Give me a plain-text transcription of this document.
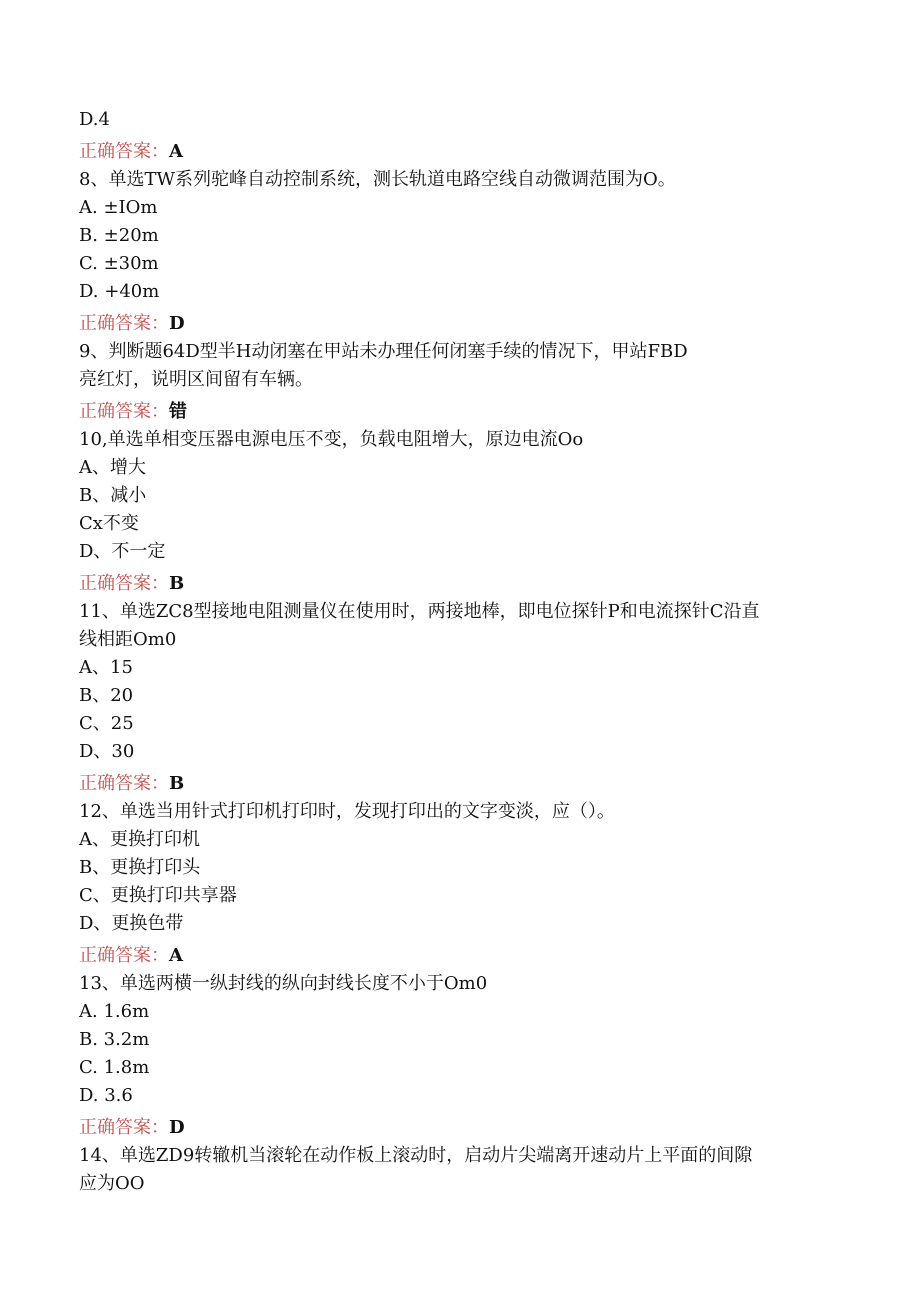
D.4
正确答案：A
8、单选TW系列驼峰自动控制系统，测长轨道电路空线自动微调范围为O。
A. ±IOm
B. ±20m
C. ±30m
D. +40m
正确答案：D
9、判断题64D型半H动闭塞在甲站未办理任何闭塞手续的情况下，甲站FBD
亮红灯，说明区间留有车辆。
正确答案：错
10,单选单相变压器电源电压不变，负载电阻增大，原边电流Oo
A、增大
B、减小
Cx不变
D、不一定
正确答案：B
11、单选ZC8型接地电阻测量仪在使用时，两接地棒，即电位探针P和电流探针C沿直
线相距Om0
A、15
B、20
C、25
D、30
正确答案：B
12、单选当用针式打印机打印时，发现打印出的文字变淡，应（）。
A、更换打印机
B、更换打印头
C、更换打印共享器
D、更换色带
正确答案：A
13、单选两横一纵封线的纵向封线长度不小于Om0
A. 1.6m
B. 3.2m
C. 1.8m
D. 3.6
正确答案：D
14、单选ZD9转辙机当滚轮在动作板上滚动时，启动片尖端离开速动片上平面的间隙
应为OO
